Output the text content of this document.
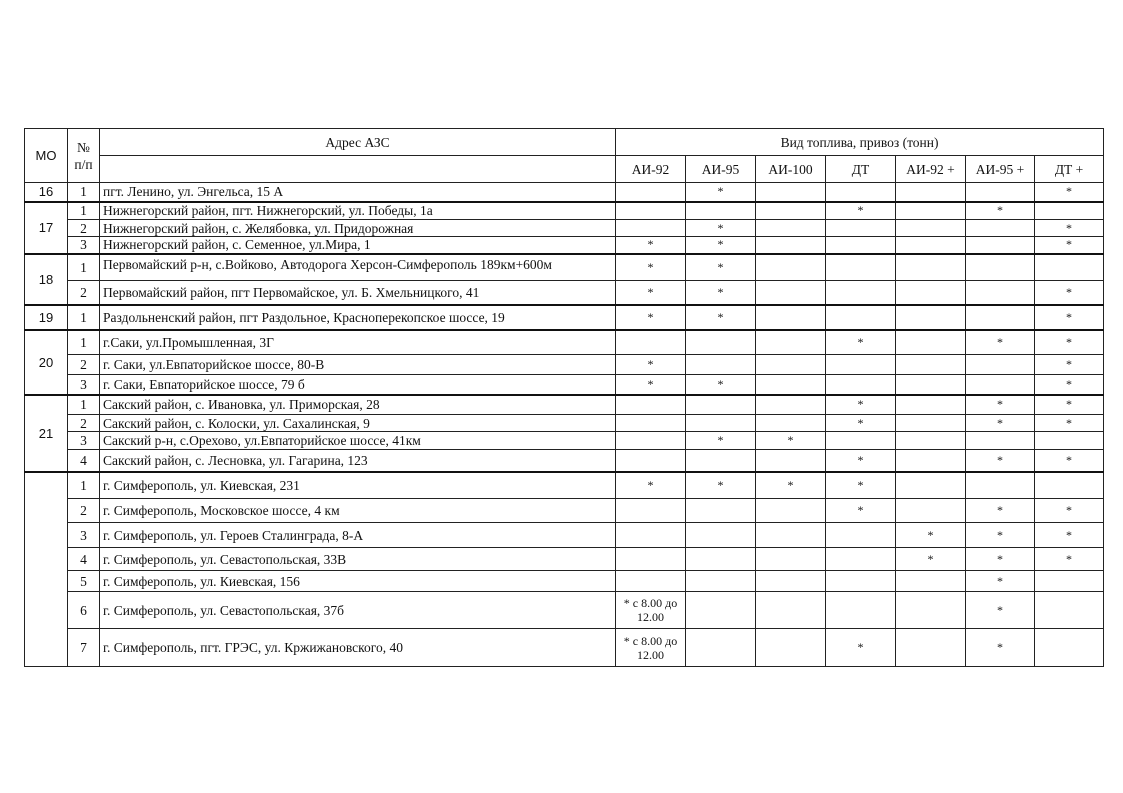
МО	№
п/п	Адрес АЗС	Вид топлива, привоз (тонн)						
			АИ-92	АИ-95	АИ-100	ДТ	АИ-92 +	АИ-95 +	ДТ +
16	1	пгт. Ленино, ул. Энгельса, 15 А		*					*
17	1	Нижнегорский район, пгт. Нижнегорский, ул. Победы, 1а				*		*	
	2	Нижнегорский район, с. Желябовка, ул. Придорожная		*					*
	3	Нижнегорский район, с. Семенное, ул.Мира, 1	*	*					*
18	1	Первомайский р-н, с.Войково, Автодорога Херсон-Симферополь 189км+600м	*	*					
	2	Первомайский район, пгт Первомайское, ул. Б. Хмельницкого, 41	*	*					*
19	1	Раздольненский район, пгт Раздольное, Красноперекопское шоссе, 19	*	*					*
20	1	г.Саки, ул.Промышленная, 3Г				*		*	*
	2	г. Саки, ул.Евпаторийское шоссе, 80-В	*						*
	3	г. Саки, Евпаторийское шоссе, 79 б	*	*					*
21	1	Сакский район, с. Ивановка, ул. Приморская, 28				*		*	*
	2	Сакский район, с. Колоски, ул. Сахалинская, 9				*		*	*
	3	Сакский р-н, с.Орехово, ул.Евпаторийское шоссе, 41км		*	*				
	4	Сакский район, с. Лесновка, ул. Гагарина, 123				*		*	*
	1	г. Симферополь, ул. Киевская, 231	*	*	*	*			
	2	г. Симферополь, Московское шоссе, 4 км				*		*	*
	3	г. Симферополь, ул. Героев Сталинграда, 8-А					*	*	*
	4	г. Симферополь, ул. Севастопольская, 33В					*	*	*
	5	г. Симферополь, ул. Киевская, 156						*	
	6	г. Симферополь, ул. Севастопольская, 37б	* с 8.00 до 12.00					*	
	7	г. Симферополь, пгт. ГРЭС, ул. Кржижановского, 40	* с 8.00 до 12.00			*		*	
